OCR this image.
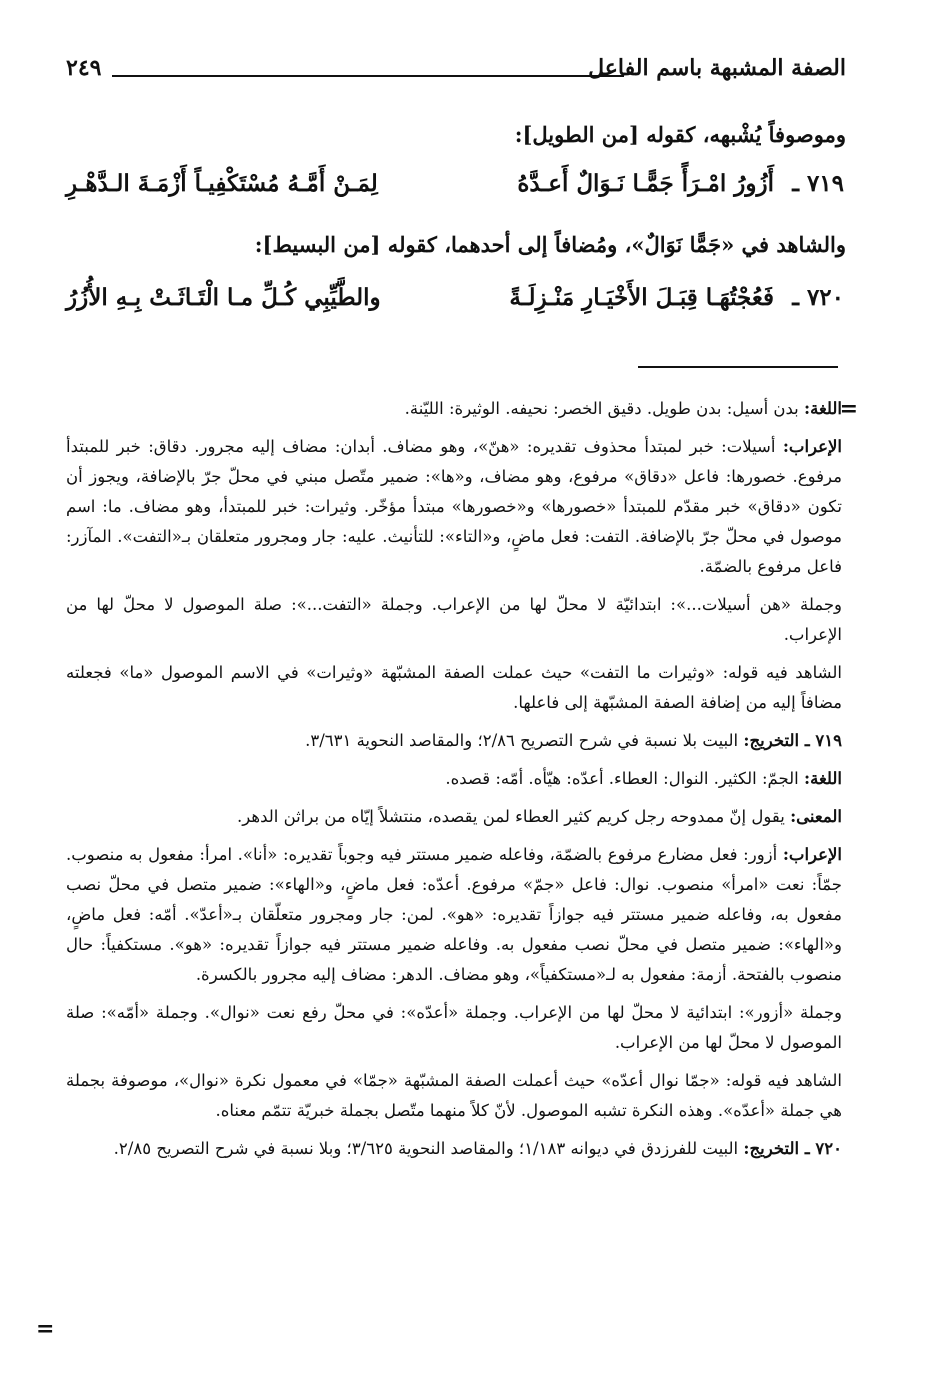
الصفة المشبهة باسم الفاعل
٢٤٩
وموصوفاً يُشْبهه، كقوله [من الطويل]:
٧١٩ ـ
أَزُورُ امْـرَأً جَمًّـا نَـوَالٌ أَعـدَّهُ
لِمَـنْ أَمَّـهُ مُسْتَكْفِيـاً أَزْمَـةَ الـدَّهْـرِ
والشاهد في «جَمًّا نَوَالٌ»، ومُضافاً إلى أحدهما، كقوله [من البسيط]:
٧٢٠ ـ
فَعُجْتُهَـا قِبَـلَ الأَخْيَـارِ مَنْـزِلَـةً
والطَّيِّبِي كُـلِّ مـا الْتَـاثَـتْ بِـهِ الأُزُرُ
=

اللغة: بدن أسيل: بدن طويل. دقيق الخصر: نحيفه. الوثيرة: الليّنة.

الإعراب: أسيلات: خبر لمبتدأ محذوف تقديره: «هنّ»، وهو مضاف. أبدان: مضاف إليه مجرور. دقاق: خبر للمبتدأ مرفوع. خصورها: فاعل «دقاق» مرفوع، وهو مضاف، و«ها»: ضمير متّصل مبني في محلّ جرّ بالإضافة، ويجوز أن تكون «دقاق» خبر مقدّم للمبتدأ «خصورها» و«خصورها» مبتدأ مؤخّر. وثيرات: خبر للمبتدأ، وهو مضاف. ما: اسم موصول في محلّ جرّ بالإضافة. التفت: فعل ماضٍ، و«التاء»: للتأنيث. عليه: جار ومجرور متعلقان بـ«التفت». المآزر: فاعل مرفوع بالضمّة.

وجملة «هن أسيلات...»: ابتدائيّة لا محلّ لها من الإعراب. وجملة «التفت...»: صلة الموصول لا محلّ لها من الإعراب.

الشاهد فيه قوله: «وثيرات ما التفت» حيث عملت الصفة المشبّهة «وثيرات» في الاسم الموصول «ما» فجعلته مضافاً إليه من إضافة الصفة المشبّهة إلى فاعلها.

٧١٩ ـ التخريج: البيت بلا نسبة في شرح التصريح ٢/٨٦؛ والمقاصد النحوية ٣/٦٣١.

اللغة: الجمّ: الكثير. النوال: العطاء. أعدّه: هيّأه. أمّه: قصده.

المعنى: يقول إنّ ممدوحه رجل كريم كثير العطاء لمن يقصده، منتشلاً إيّاه من براثن الدهر.

الإعراب: أزور: فعل مضارع مرفوع بالضمّة، وفاعله ضمير مستتر فيه وجوباً تقديره: «أنا». امرأ: مفعول به منصوب. جمّاً: نعت «امرأ» منصوب. نوال: فاعل «جمّ» مرفوع. أعدّه: فعل ماضٍ، و«الهاء»: ضمير متصل في محلّ نصب مفعول به، وفاعله ضمير مستتر فيه جوازاً تقديره: «هو». لمن: جار ومجرور متعلّقان بـ«أعدّ». أمّه: فعل ماضٍ، و«الهاء»: ضمير متصل في محلّ نصب مفعول به. وفاعله ضمير مستتر فيه جوازاً تقديره: «هو». مستكفياً: حال منصوب بالفتحة. أزمة: مفعول به لـ«مستكفياً»، وهو مضاف. الدهر: مضاف إليه مجرور بالكسرة.

وجملة «أزور»: ابتدائية لا محلّ لها من الإعراب. وجملة «أعدّه»: في محلّ رفع نعت «نوال». وجملة «أمّه»: صلة الموصول لا محلّ لها من الإعراب.

الشاهد فيه قوله: «جمّا نوال أعدّه» حيث أعملت الصفة المشبّهة «جمّا» في معمول نكرة «نوال»، موصوفة بجملة هي جملة «أعدّه». وهذه النكرة تشبه الموصول. لأنّ كلاً منهما متّصل بجملة خبريّة تتمّم معناه.

٧٢٠ ـ التخريج: البيت للفرزدق في ديوانه ١/١٨٣؛ والمقاصد النحوية ٣/٦٢٥؛ وبلا نسبة في شرح التصريح ٢/٨٥.

=
